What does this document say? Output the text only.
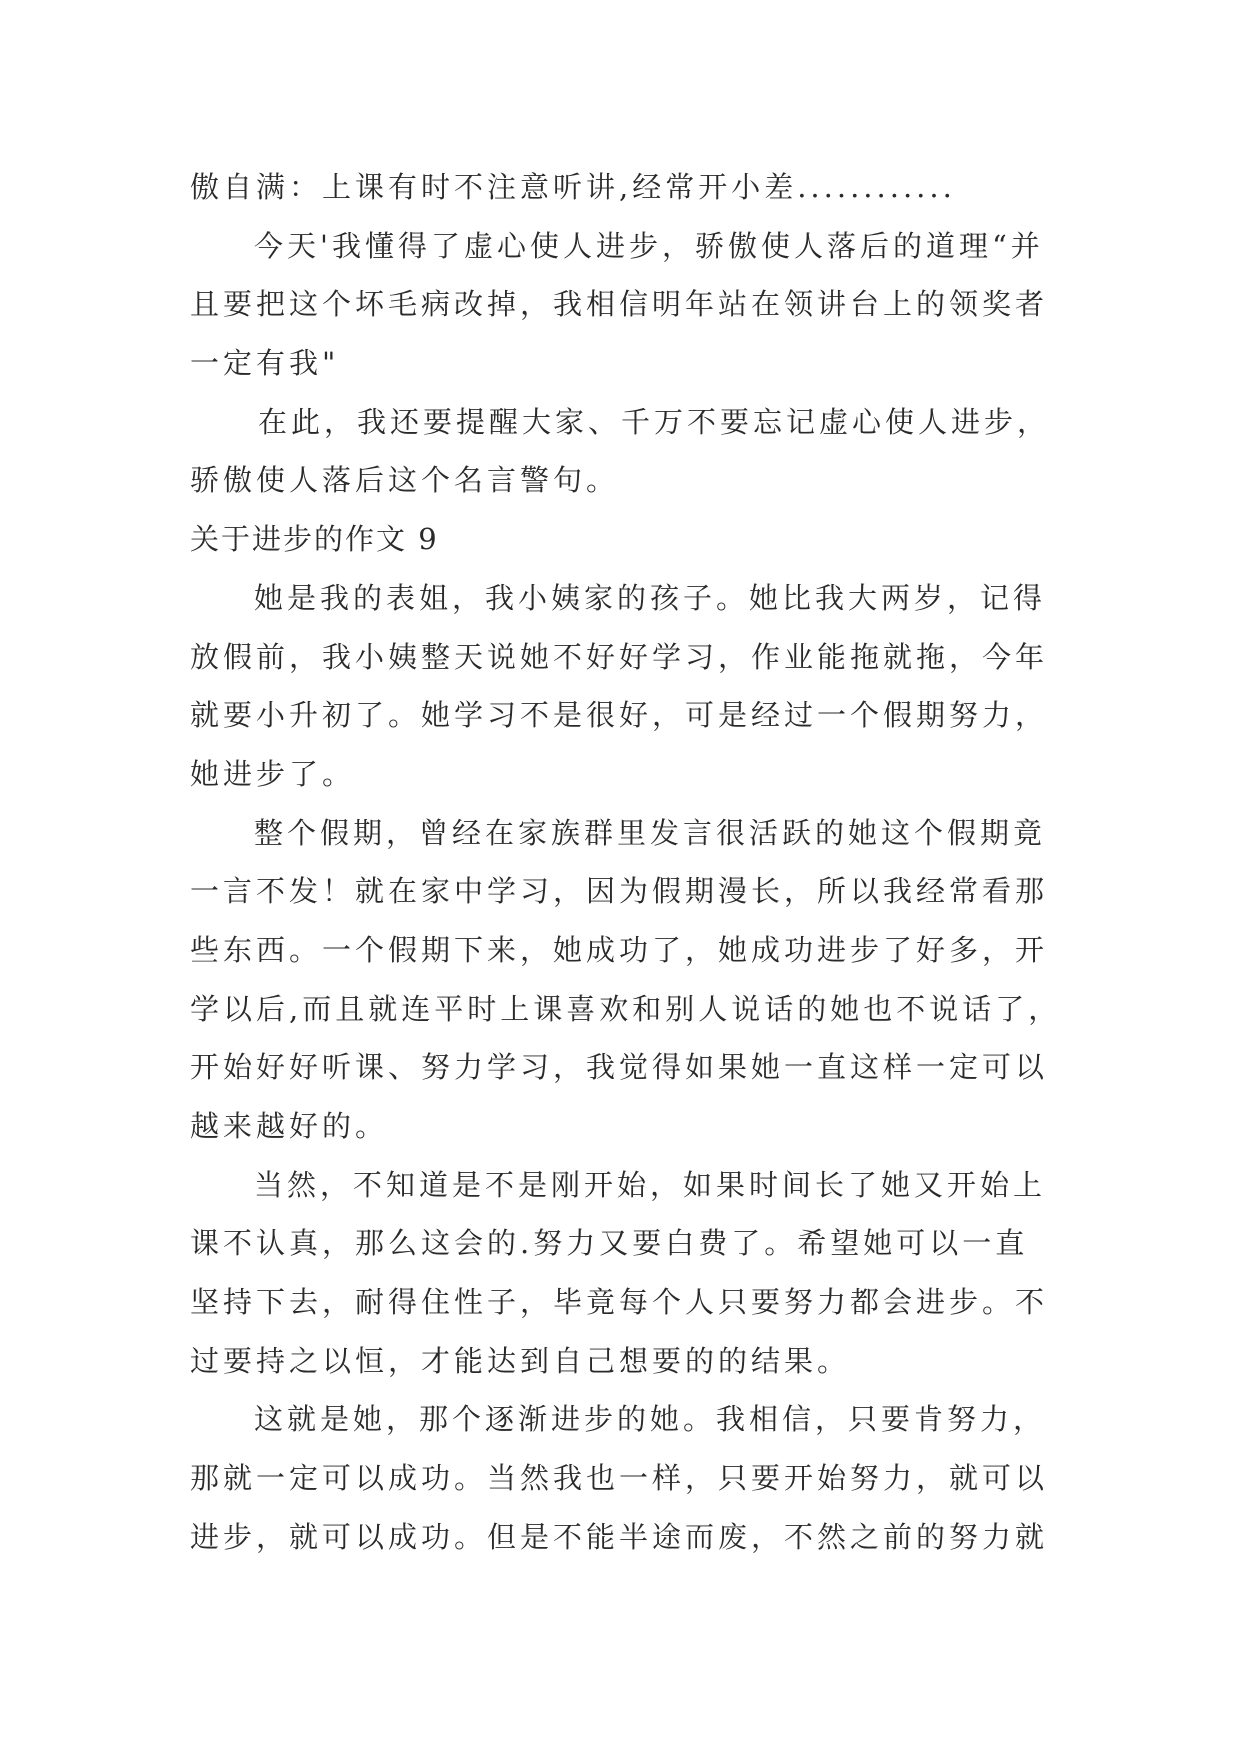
傲自满：上课有时不注意听讲,经常开小差............
今天'我懂得了虚心使人进步，骄傲使人落后的道理“并
且要把这个坏毛病改掉，我相信明年站在领讲台上的领奖者
一定有我"
在此，我还要提醒大家、千万不要忘记虚心使人进步，
骄傲使人落后这个名言警句。
关于进步的作文 9
她是我的表姐，我小姨家的孩子。她比我大两岁，记得
放假前，我小姨整天说她不好好学习，作业能拖就拖，今年
就要小升初了。她学习不是很好，可是经过一个假期努力，
她进步了。
整个假期，曾经在家族群里发言很活跃的她这个假期竟
一言不发！就在家中学习，因为假期漫长，所以我经常看那
些东西。一个假期下来，她成功了，她成功进步了好多，开
学以后,而且就连平时上课喜欢和别人说话的她也不说话了，
开始好好听课、努力学习，我觉得如果她一直这样一定可以
越来越好的。
当然，不知道是不是刚开始，如果时间长了她又开始上
课不认真，那么这会的.努力又要白费了。希望她可以一直
坚持下去，耐得住性子，毕竟每个人只要努力都会进步。不
过要持之以恒，才能达到自己想要的的结果。
这就是她，那个逐渐进步的她。我相信，只要肯努力，
那就一定可以成功。当然我也一样，只要开始努力，就可以
进步，就可以成功。但是不能半途而废，不然之前的努力就
